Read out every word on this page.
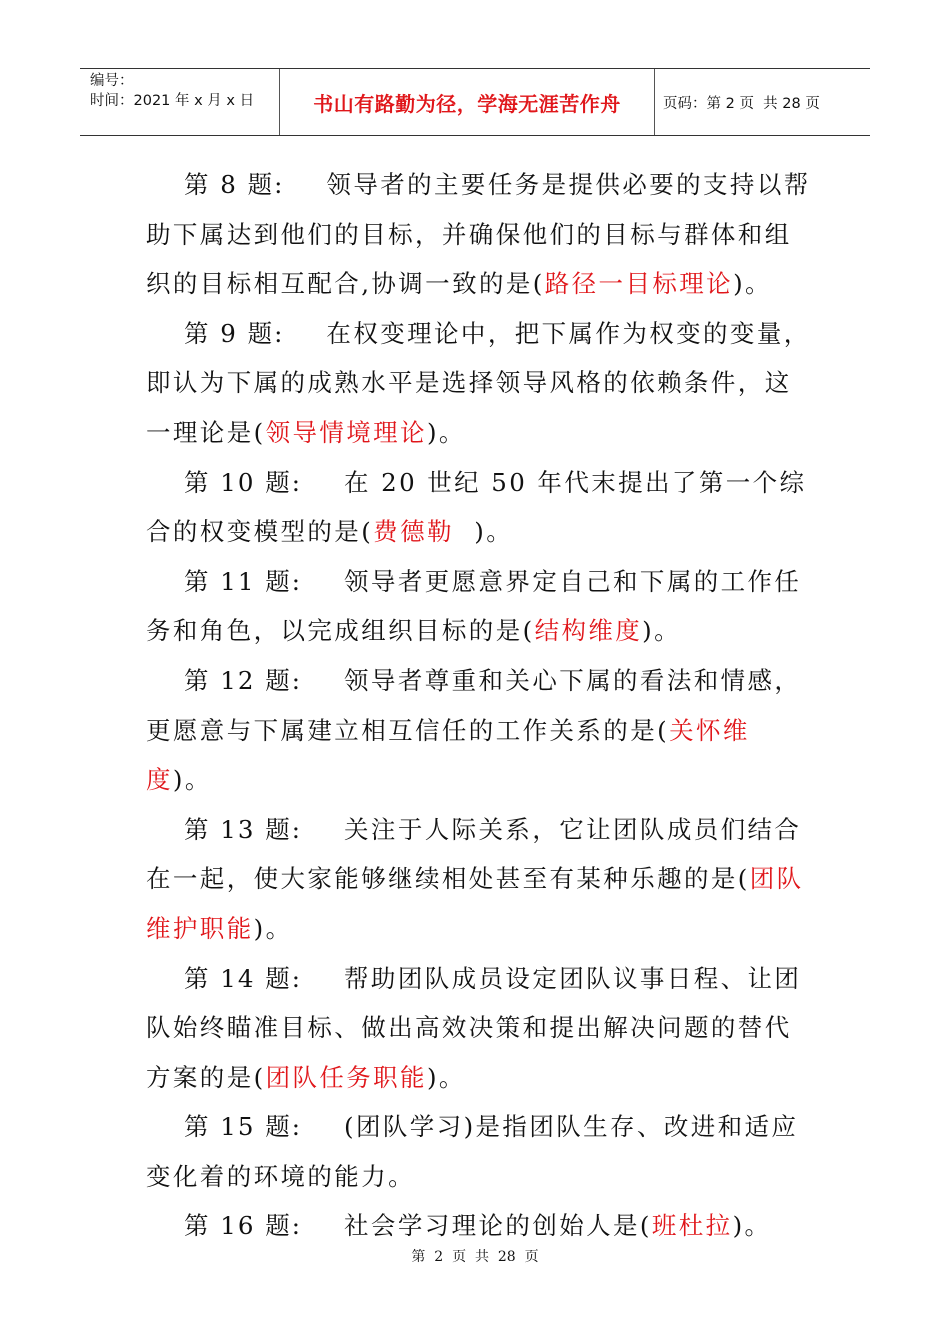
编号：
时间：2021 年 x 月 x 日	书山有路勤为径，学海无涯苦作舟	页码：第 2 页  共 28 页

第 8 题: 领导者的主要任务是提供必要的支持以帮助下属达到他们的目标，并确保他们的目标与群体和组织的目标相互配合,协调一致的是(路径一目标理论)。

第 9 题: 在权变理论中，把下属作为权变的变量，即认为下属的成熟水平是选择领导风格的依赖条件，这一理论是(领导情境理论)。

第 10 题: 在 20 世纪 50 年代末提出了第一个综合的权变模型的是(费德勒  )。

第 11 题: 领导者更愿意界定自己和下属的工作任务和角色，以完成组织目标的是(结构维度)。

第 12 题: 领导者尊重和关心下属的看法和情感，更愿意与下属建立相互信任的工作关系的是(关怀维度)。

第 13 题: 关注于人际关系，它让团队成员们结合在一起，使大家能够继续相处甚至有某种乐趣的是(团队维护职能)。

第 14 题: 帮助团队成员设定团队议事日程、让团队始终瞄准目标、做出高效决策和提出解决问题的替代方案的是(团队任务职能)。

第 15 题: (团队学习)是指团队生存、改进和适应变化着的环境的能力。

第 16 题: 社会学习理论的创始人是(班杜拉)。

第  2  页  共  28  页
